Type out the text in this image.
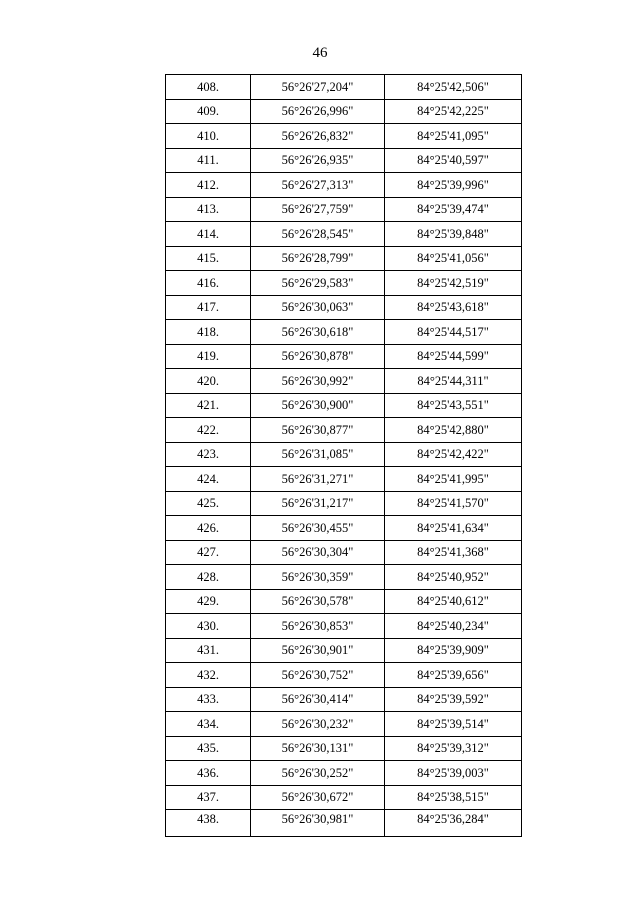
46
408.	56°26'27,204"	84°25'42,506"
409.	56°26'26,996"	84°25'42,225"
410.	56°26'26,832"	84°25'41,095"
411.	56°26'26,935"	84°25'40,597"
412.	56°26'27,313"	84°25'39,996"
413.	56°26'27,759"	84°25'39,474"
414.	56°26'28,545"	84°25'39,848"
415.	56°26'28,799"	84°25'41,056"
416.	56°26'29,583"	84°25'42,519"
417.	56°26'30,063"	84°25'43,618"
418.	56°26'30,618"	84°25'44,517"
419.	56°26'30,878"	84°25'44,599"
420.	56°26'30,992"	84°25'44,311"
421.	56°26'30,900"	84°25'43,551"
422.	56°26'30,877"	84°25'42,880"
423.	56°26'31,085"	84°25'42,422"
424.	56°26'31,271"	84°25'41,995"
425.	56°26'31,217"	84°25'41,570"
426.	56°26'30,455"	84°25'41,634"
427.	56°26'30,304"	84°25'41,368"
428.	56°26'30,359"	84°25'40,952"
429.	56°26'30,578"	84°25'40,612"
430.	56°26'30,853"	84°25'40,234"
431.	56°26'30,901"	84°25'39,909"
432.	56°26'30,752"	84°25'39,656"
433.	56°26'30,414"	84°25'39,592"
434.	56°26'30,232"	84°25'39,514"
435.	56°26'30,131"	84°25'39,312"
436.	56°26'30,252"	84°25'39,003"
437.	56°26'30,672"	84°25'38,515"
438.	56°26'30,981"	84°25'36,284"
